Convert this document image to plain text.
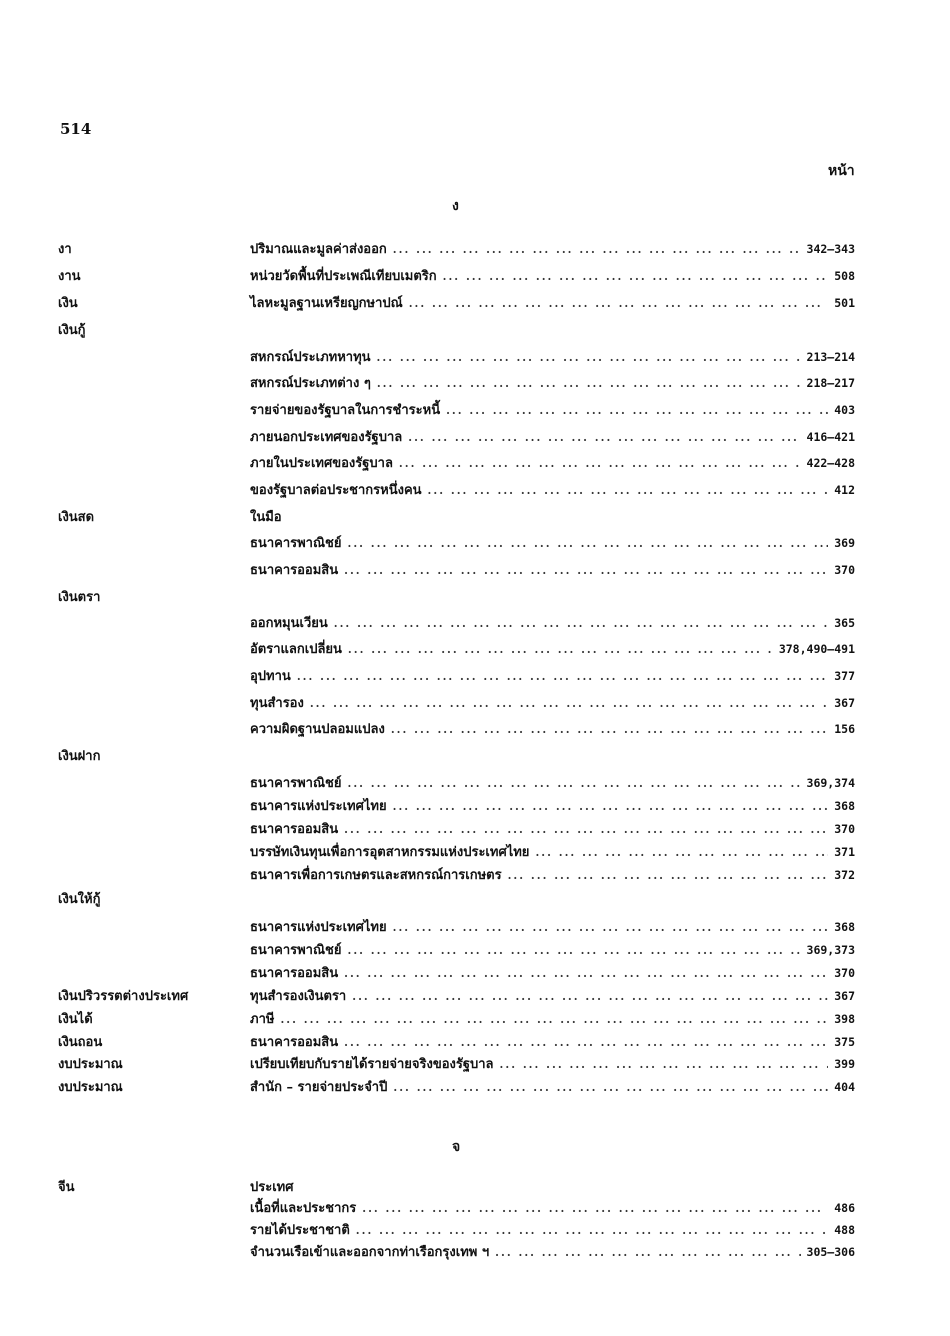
514
หน้า
ง
งา	ปริมาณและมูลค่าส่งออก ... .	342—343
งาน	หน่วยวัดพื้นที่ประเพณีเทียบเมตริก ... .	508
เงิน	ไลหะมูลฐานเหรียญกษาปณ์ ... .	501
เงินกู้
สหกรณ์ประเภทหาทุน ... .	213—214
สหกรณ์ประเภทต่าง ๆ ... .	218—217
รายจ่ายของรัฐบาลในการชำระหนี้ ... .	403
ภายนอกประเทศของรัฐบาล ... .	416—421
ภายในประเทศของรัฐบาล ... .	422—428
ของรัฐบาลต่อประชากรหนึ่งคน ... .	412
เงินสด	ในมือ
ธนาคารพาณิชย์ ... .	369
ธนาคารออมสิน ... .	370
เงินตรา
ออกหมุนเวียน ... .	365
อัตราแลกเปลี่ยน ... .	378,490—491
อุปทาน ... .	377
ทุนสำรอง ... .	367
ความผิดฐานปลอมแปลง ... .	156
เงินฝาก
ธนาคารพาณิชย์ ... .	369,374
ธนาคารแห่งประเทศไทย ... .	368
ธนาคารออมสิน ... .	370
บรรษัทเงินทุนเพื่อการอุตสาหกรรมแห่งประเทศไทย ... .	371
ธนาคารเพื่อการเกษตรและสหกรณ์การเกษตร ... .	372
เงินให้กู้
ธนาคารแห่งประเทศไทย ... .	368
ธนาคารพาณิชย์ ... .	369,373
ธนาคารออมสิน ... .	370
เงินปริวรรตต่างประเทศ	ทุนสำรองเงินตรา ... .	367
เงินได้	ภาษี ... .	398
เงินถอน	ธนาคารออมสิน ... .	375
งบประมาณ	เปรียบเทียบกับรายได้รายจ่ายจริงของรัฐบาล ... .	399
งบประมาณ	สำนัก – รายจ่ายประจำปี ... .	404
จ
จีน	ประเทศ
เนื้อที่และประชากร ... .	486
รายได้ประชาชาติ ... .	488
จำนวนเรือเข้าและออกจากท่าเรือกรุงเทพ ฯ ... .	305—306
